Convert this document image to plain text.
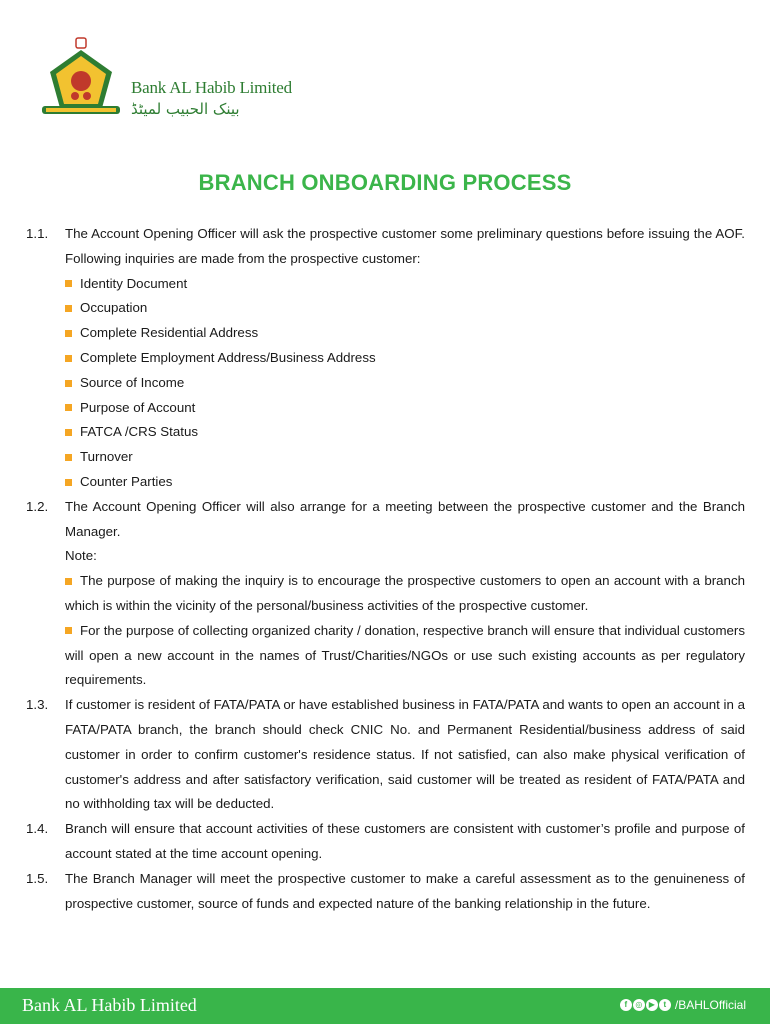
Bank AL Habib Limited
بینک الحبیب لمیٹڈ
BRANCH ONBOARDING PROCESS
1.1.	The Account Opening Officer will ask the prospective customer some preliminary questions before issuing the AOF. Following inquiries are made from the prospective customer:
Identity Document
Occupation
Complete Residential Address
Complete Employment Address/Business Address
Source of Income
Purpose of Account
FATCA /CRS Status
Turnover
Counter Parties
1.2.	The Account Opening Officer will also arrange for a meeting between the prospective customer and the Branch Manager.
Note:
The purpose of making the inquiry is to encourage the prospective customers to open an account with a branch which is within the vicinity of the personal/business activities of the prospective customer.
For the purpose of collecting organized charity / donation, respective branch will ensure that individual customers will open a new account in the names of Trust/Charities/NGOs or use such existing accounts as per regulatory requirements.
1.3.	If customer is resident of FATA/PATA or have established business in FATA/PATA and wants to open an account in a FATA/PATA branch, the branch should check CNIC No. and Permanent Residential/business address of said customer in order to confirm customer's residence status. If not satisfied, can also make physical verification of customer's address and after satisfactory verification, said customer will be treated as resident of FATA/PATA and no withholding tax will be deducted.
1.4.	Branch will ensure that account activities of these customers are consistent with customer’s profile and purpose of account stated at the time account opening.
1.5.	The Branch Manager will meet the prospective customer to make a careful assessment as to the genuineness of prospective customer, source of funds and expected nature of the banking relationship in the future.
Bank AL Habib Limited	f	◎ ▶	t /BAHLOfficial
